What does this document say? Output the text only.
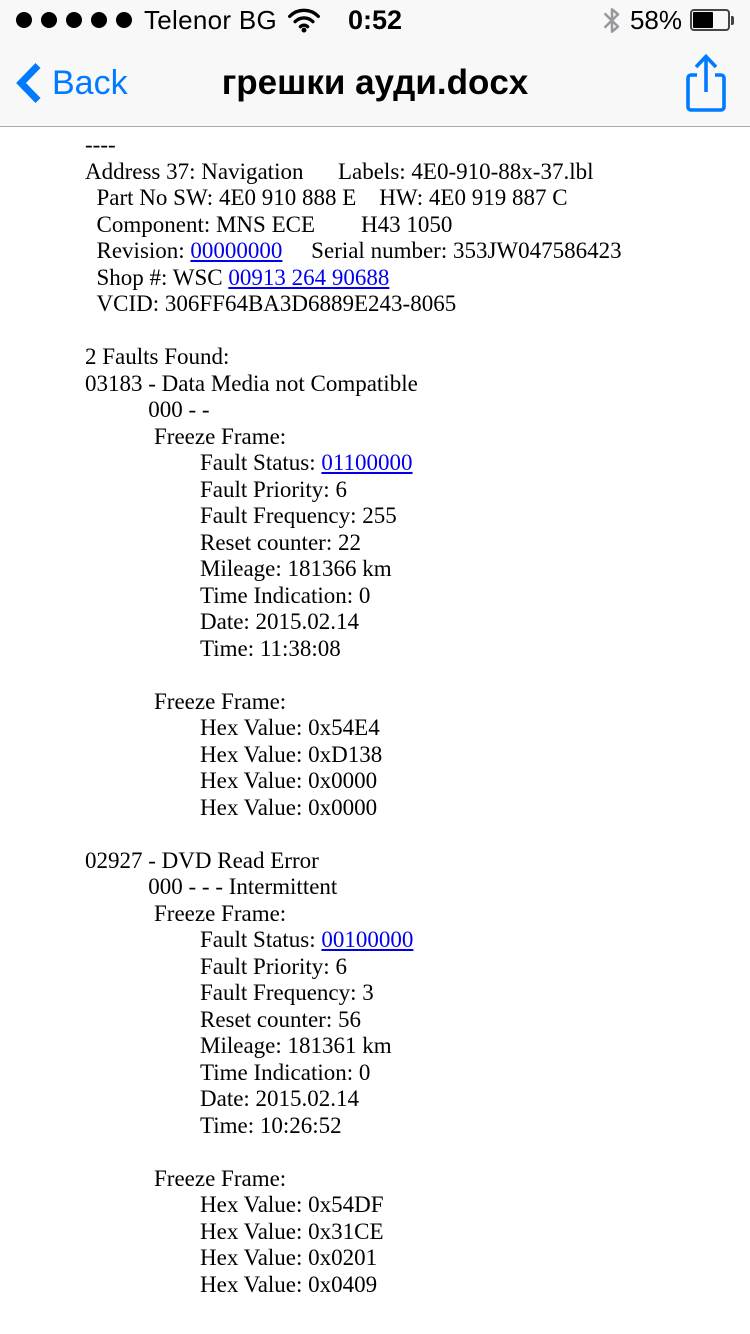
Telenor BG	0:52	58%
Back	грешки ауди.docx
----
Address 37: Navigation      Labels: 4E0-910-88x-37.lbl
Part No SW: 4E0 910 888 E    HW: 4E0 919 887 C
Component: MNS ECE        H43 1050
Revision: 00000000     Serial number: 353JW047586423
Shop #: WSC 00913 264 90688
VCID: 306FF64BA3D6889E243-8065
2 Faults Found:
03183 - Data Media not Compatible
000 - -
Freeze Frame:
Fault Status: 01100000
Fault Priority: 6
Fault Frequency: 255
Reset counter: 22
Mileage: 181366 km
Time Indication: 0
Date: 2015.02.14
Time: 11:38:08
Freeze Frame:
Hex Value: 0x54E4
Hex Value: 0xD138
Hex Value: 0x0000
Hex Value: 0x0000
02927 - DVD Read Error
000 - - - Intermittent
Freeze Frame:
Fault Status: 00100000
Fault Priority: 6
Fault Frequency: 3
Reset counter: 56
Mileage: 181361 km
Time Indication: 0
Date: 2015.02.14
Time: 10:26:52
Freeze Frame:
Hex Value: 0x54DF
Hex Value: 0x31CE
Hex Value: 0x0201
Hex Value: 0x0409
